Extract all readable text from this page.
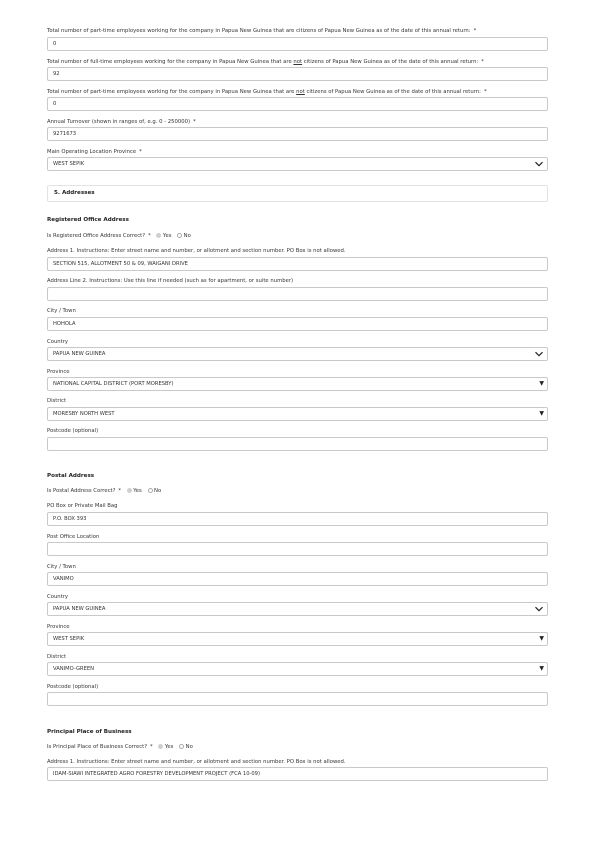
Total number of part-time employees working for the company in Papua New Guinea that are citizens of Papua New Guinea as of the date of this annual return: *
0
Total number of full-time employees working for the company in Papua New Guinea that are not citizens of Papua New Guinea as of the date of this annual return: *
92
Total number of part-time employees working for the company in Papua New Guinea that are not citizens of Papua New Guinea as of the date of this annual return: *
0
Annual Turnover (shown in ranges of, e.g. 0 - 250000) *
9271673
Main Operating Location Province *
WEST SEPIK
5. Addresses
Registered Office Address
Is Registered Office Address Correct? * Yes No
Address 1. Instructions: Enter street name and number, or allotment and section number. PO Box is not allowed.
SECTION 515, ALLOTMENT 50 & 09, WAIGANI DRIVE
Address Line 2. Instructions: Use this line if needed (such as for apartment, or suite number)
City / Town
HOHOLA
Country
PAPUA NEW GUINEA
Province
NATIONAL CAPITAL DISTRICT (PORT MORESBY)	▼
District
MORESBY NORTH WEST	▼
Postcode (optional)
Postal Address
Is Postal Address Correct? * Yes No
PO Box or Private Mail Bag
P.O. BOX 393
Post Office Location
City / Town
VANIMO
Country
PAPUA NEW GUINEA
Province
WEST SEPIK	▼
District
VANIMO-GREEN	▼
Postcode (optional)
Principal Place of Business
Is Principal Place of Business Correct? * Yes No
Address 1. Instructions: Enter street name and number, or allotment and section number. PO Box is not allowed.
IDAM-SIAWI INTEGRATED AGRO FORESTRY DEVELOPMENT PROJECT (FCA 10-09)
